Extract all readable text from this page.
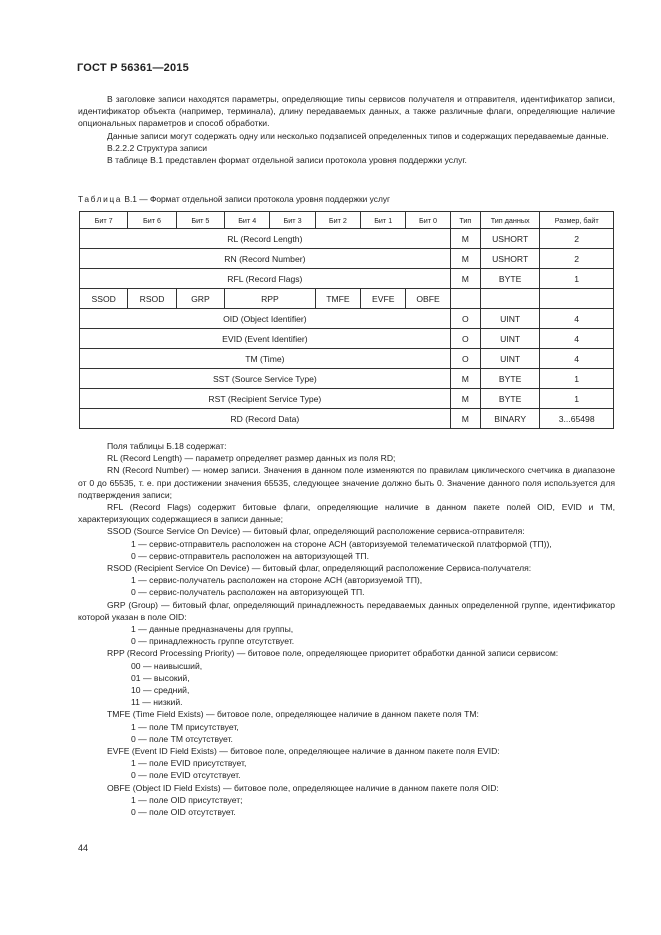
ГОСТ Р 56361—2015

В заголовке записи находятся параметры, определяющие типы сервисов получателя и отправителя, идентификатор записи, идентификатор объекта (например, терминала), длину передаваемых данных, а также различные флаги, определяющие наличие опциональных параметров и способ обработки.

Данные записи могут содержать одну или несколько подзаписей определенных типов и содержащих передаваемые данные.

В.2.2.2 Структура записи

В таблице В.1 представлен формат отдельной записи протокола уровня поддержки услуг.

Таблица В.1 — Формат отдельной записи протокола уровня поддержки услуг
Бит 7	Бит 6	Бит 5	Бит 4	Бит 3	Бит 2	Бит 1	Бит 0	Тип	Тип данных	Размер, байт
RL (Record Length)								M	USHORT	2
RN (Record Number)								M	USHORT	2
RFL (Record Flags)								M	BYTE	1
SSOD	RSOD	GRP	RPP		TMFE	EVFE	OBFE			
OID (Object Identifier)								O	UINT	4
EVID (Event Identifier)								O	UINT	4
TM (Time)								O	UINT	4
SST (Source Service Type)								M	BYTE	1
RST (Recipient Service Type)								M	BYTE	1
RD (Record Data)								M	BINARY	3...65498

Поля таблицы Б.18 содержат:

RL (Record Length) — параметр определяет размер данных из поля RD;

RN (Record Number) — номер записи. Значения в данном поле изменяются по правилам циклического счетчика в диапазоне от 0 до 65535, т. е. при достижении значения 65535, следующее значение должно быть 0. Значение данного поля используется для подтверждения записи;

RFL (Record Flags) содержит битовые флаги, определяющие наличие в данном пакете полей OID, EVID и TM, характеризующих содержащиеся в записи данные;

SSOD (Source Service On Device) — битовый флаг, определяющий расположение сервиса-отправителя:

1 — сервис-отправитель расположен на стороне АСН (авторизуемой телематической платформой (ТП)),

0 — сервис-отправитель расположен на авторизующей ТП.

RSOD (Recipient Service On Device) — битовый флаг, определяющий расположение Сервиса-получателя:

1 — сервис-получатель расположен на стороне АСН (авторизуемой ТП),

0 — сервис-получатель расположен на авторизующей ТП.

GRP (Group) — битовый флаг, определяющий принадлежность передаваемых данных определенной группе, идентификатор которой указан в поле OID:

1 — данные предназначены для группы,

0 — принадлежность группе отсутствует.

RPP (Record Processing Priority) — битовое поле, определяющее приоритет обработки данной записи сервисом:

00 — наивысший,

01 — высокий,

10 — средний,

11 — низкий.

TMFE (Time Field Exists) — битовое поле, определяющее наличие в данном пакете поля TM:

1 — поле TM присутствует,

0 — поле TM отсутствует.

EVFE (Event ID Field Exists) — битовое поле, определяющее наличие в данном пакете поля EVID:

1 — поле EVID присутствует,

0 — поле EVID отсутствует.

OBFE (Object ID Field Exists) — битовое поле, определяющее наличие в данном пакете поля OID:

1 — поле OID присутствует;

0 — поле OID отсутствует.

44
